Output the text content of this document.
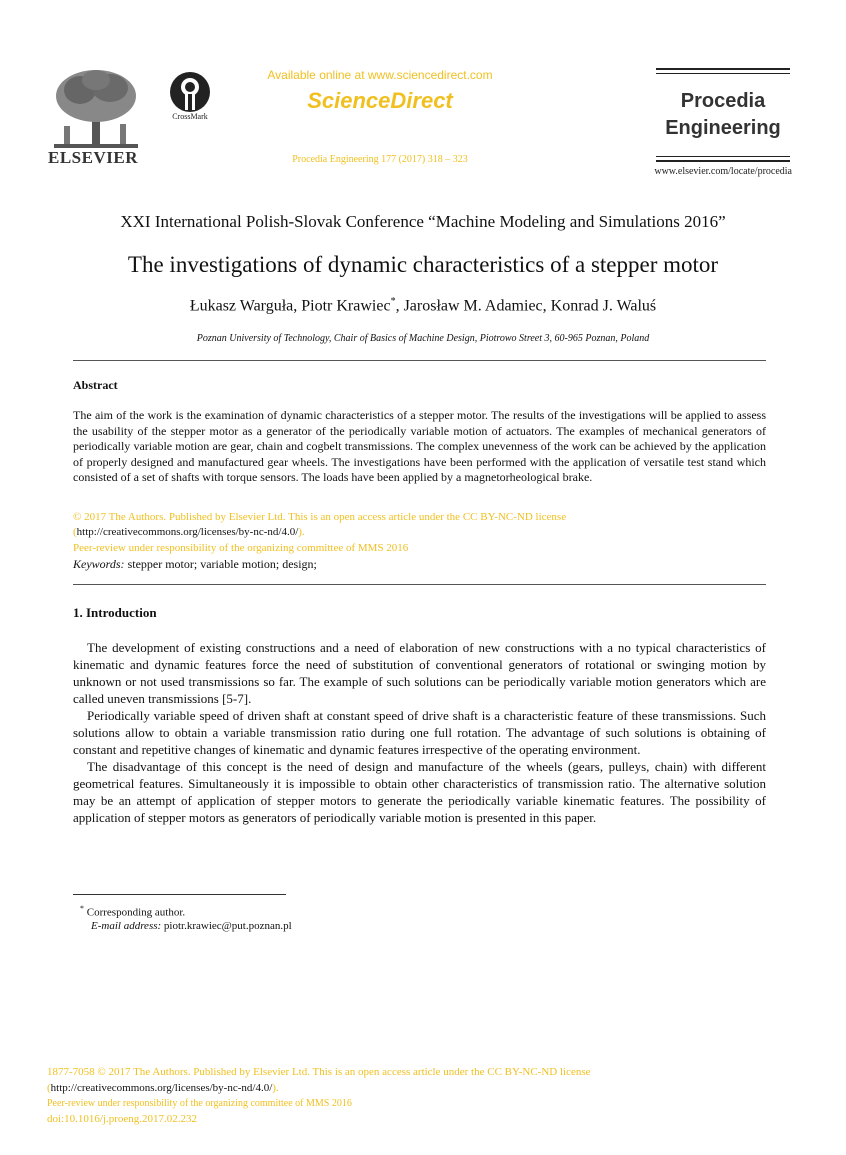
ELSEVIER
CrossMark
Available online at www.sciencedirect.com
ScienceDirect
Procedia Engineering 177 (2017) 318 – 323
Procedia
Engineering
www.elsevier.com/locate/procedia
XXI International Polish-Slovak Conference “Machine Modeling and Simulations 2016”
The investigations of dynamic characteristics of a stepper motor
Łukasz Warguła, Piotr Krawiec*, Jarosław M. Adamiec, Konrad J. Waluś
Poznan University of Technology, Chair of Basics of Machine Design, Piotrowo Street 3, 60-965 Poznan, Poland
Abstract
The aim of the work is the examination of dynamic characteristics of a stepper motor. The results of the investigations will be applied to assess the usability of the stepper motor as a generator of the periodically variable motion of actuators. The examples of mechanical generators of periodically variable motion are gear, chain and cogbelt transmissions. The complex unevenness of the work can be achieved by the application of properly designed and manufactured gear wheels. The investigations have been performed with the application of versatile test stand which consisted of a set of shafts with torque sensors. The loads have been applied by a magnetorheological brake.
© 2017 The Authors. Published by Elsevier Ltd. This is an open access article under the CC BY-NC-ND license
(http://creativecommons.org/licenses/by-nc-nd/4.0/).
Peer-review under responsibility of the organizing committee of MMS 2016
Keywords: stepper motor; variable motion; design;
1. Introduction

The development of existing constructions and a need of elaboration of new constructions with a no typical characteristics of kinematic and dynamic features force the need of substitution of conventional generators of rotational or swinging motion by unknown or not used transmissions so far. The example of such solutions can be periodically variable motion generators which are called uneven transmissions [5-7].

Periodically variable speed of driven shaft at constant speed of drive shaft is a characteristic feature of these transmissions. Such solutions allow to obtain a variable transmission ratio during one full rotation. The advantage of such solutions is obtaining of constant and repetitive changes of kinematic and dynamic features irrespective of the operating environment.

The disadvantage of this concept is the need of design and manufacture of the wheels (gears, pulleys, chain) with different geometrical features. Simultaneously it is impossible to obtain other characteristics of transmission ratio. The alternative solution may be an attempt of application of stepper motors to generate the periodically variable kinematic features. The possibility of application of stepper motors as generators of periodically variable motion is presented in this paper.

* Corresponding author.
E-mail address: piotr.krawiec@put.poznan.pl
1877-7058 © 2017 The Authors. Published by Elsevier Ltd. This is an open access article under the CC BY-NC-ND license
(http://creativecommons.org/licenses/by-nc-nd/4.0/).
Peer-review under responsibility of the organizing committee of MMS 2016
doi:10.1016/j.proeng.2017.02.232
